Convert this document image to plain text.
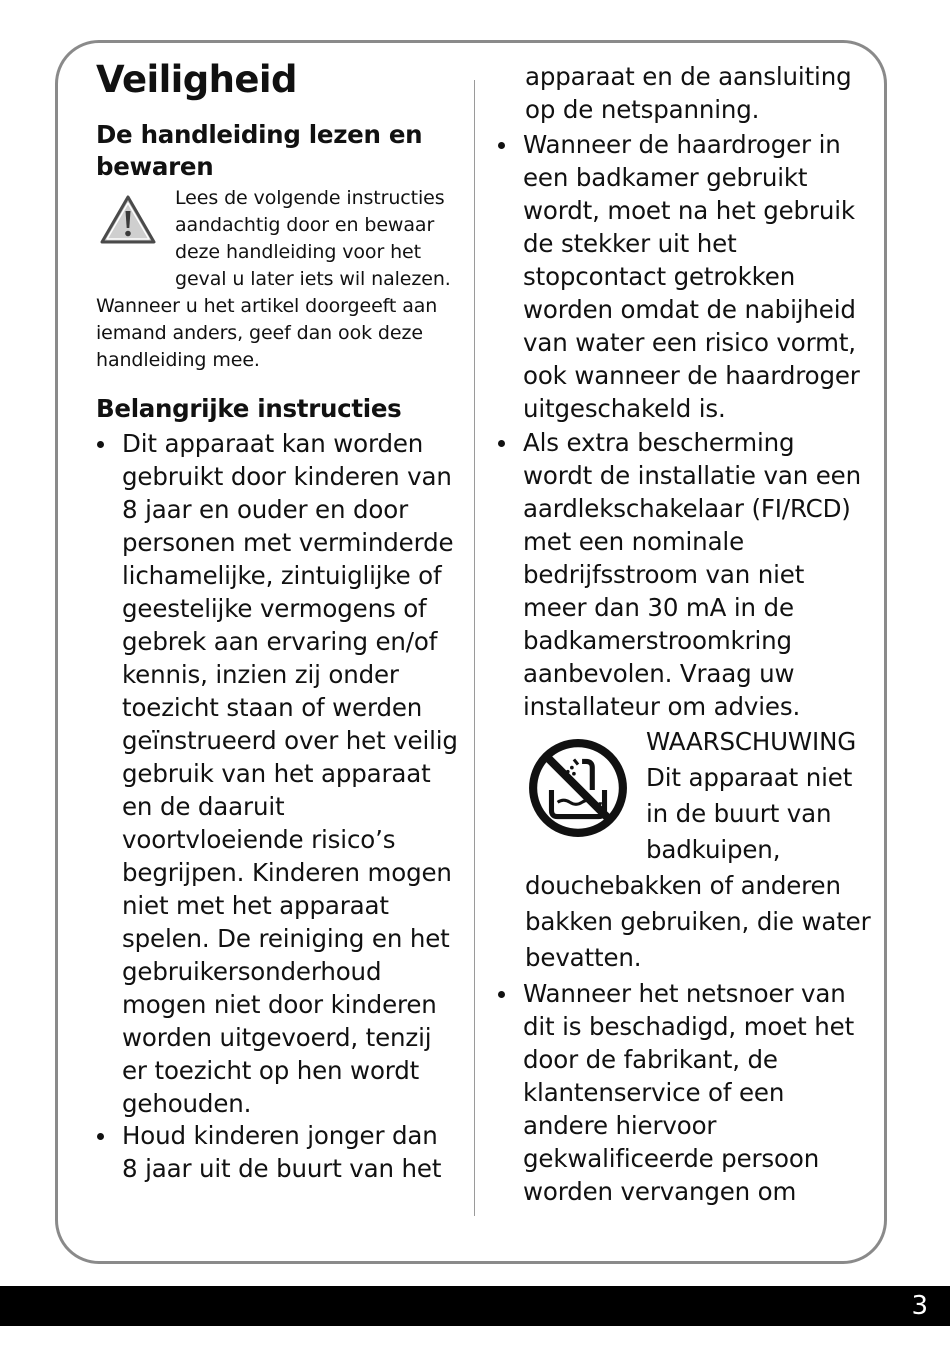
Veiligheid
De handleiding lezen en
bewaren
Lees de volgende instructies
aandachtig door en bewaar
deze handleiding voor het
geval u later iets wil nalezen.
Wanneer u het artikel doorgeeft aan
iemand anders, geef dan ook deze
handleiding mee.
Belangrijke instructies
Dit apparaat kan worden
gebruikt door kinderen van
8 jaar en ouder en door
personen met verminderde
lichamelijke, zintuiglijke of
geestelijke vermogens of
gebrek aan ervaring en/of
kennis, inzien zij onder
toezicht staan of werden
geïnstrueerd over het veilig
gebruik van het apparaat
en de daaruit
voortvloeiende risico’s
begrijpen. Kinderen mogen
niet met het apparaat
spelen. De reiniging en het
gebruikersonderhoud
mogen niet door kinderen
worden uitgevoerd, tenzij
er toezicht op hen wordt
gehouden.
Houd kinderen jonger dan
8 jaar uit de buurt van het
apparaat en de aansluiting
op de netspanning.
Wanneer de haardroger in
een badkamer gebruikt
wordt, moet na het gebruik
de stekker uit het
stopcontact getrokken
worden omdat de nabijheid
van water een risico vormt,
ook wanneer de haardroger
uitgeschakeld is.
Als extra bescherming
wordt de installatie van een
aardlekschakelaar (FI/RCD)
met een nominale
bedrijfsstroom van niet
meer dan 30 mA in de
badkamerstroomkring
aanbevolen. Vraag uw
installateur om advies.
WAARSCHUWING
Dit apparaat niet
in de buurt van
badkuipen,
douchebakken of anderen
bakken gebruiken, die water
bevatten.
Wanneer het netsnoer van
dit is beschadigd, moet het
door de fabrikant, de
klantenservice of een
andere hiervoor
gekwalificeerde persoon
worden vervangen om
3
